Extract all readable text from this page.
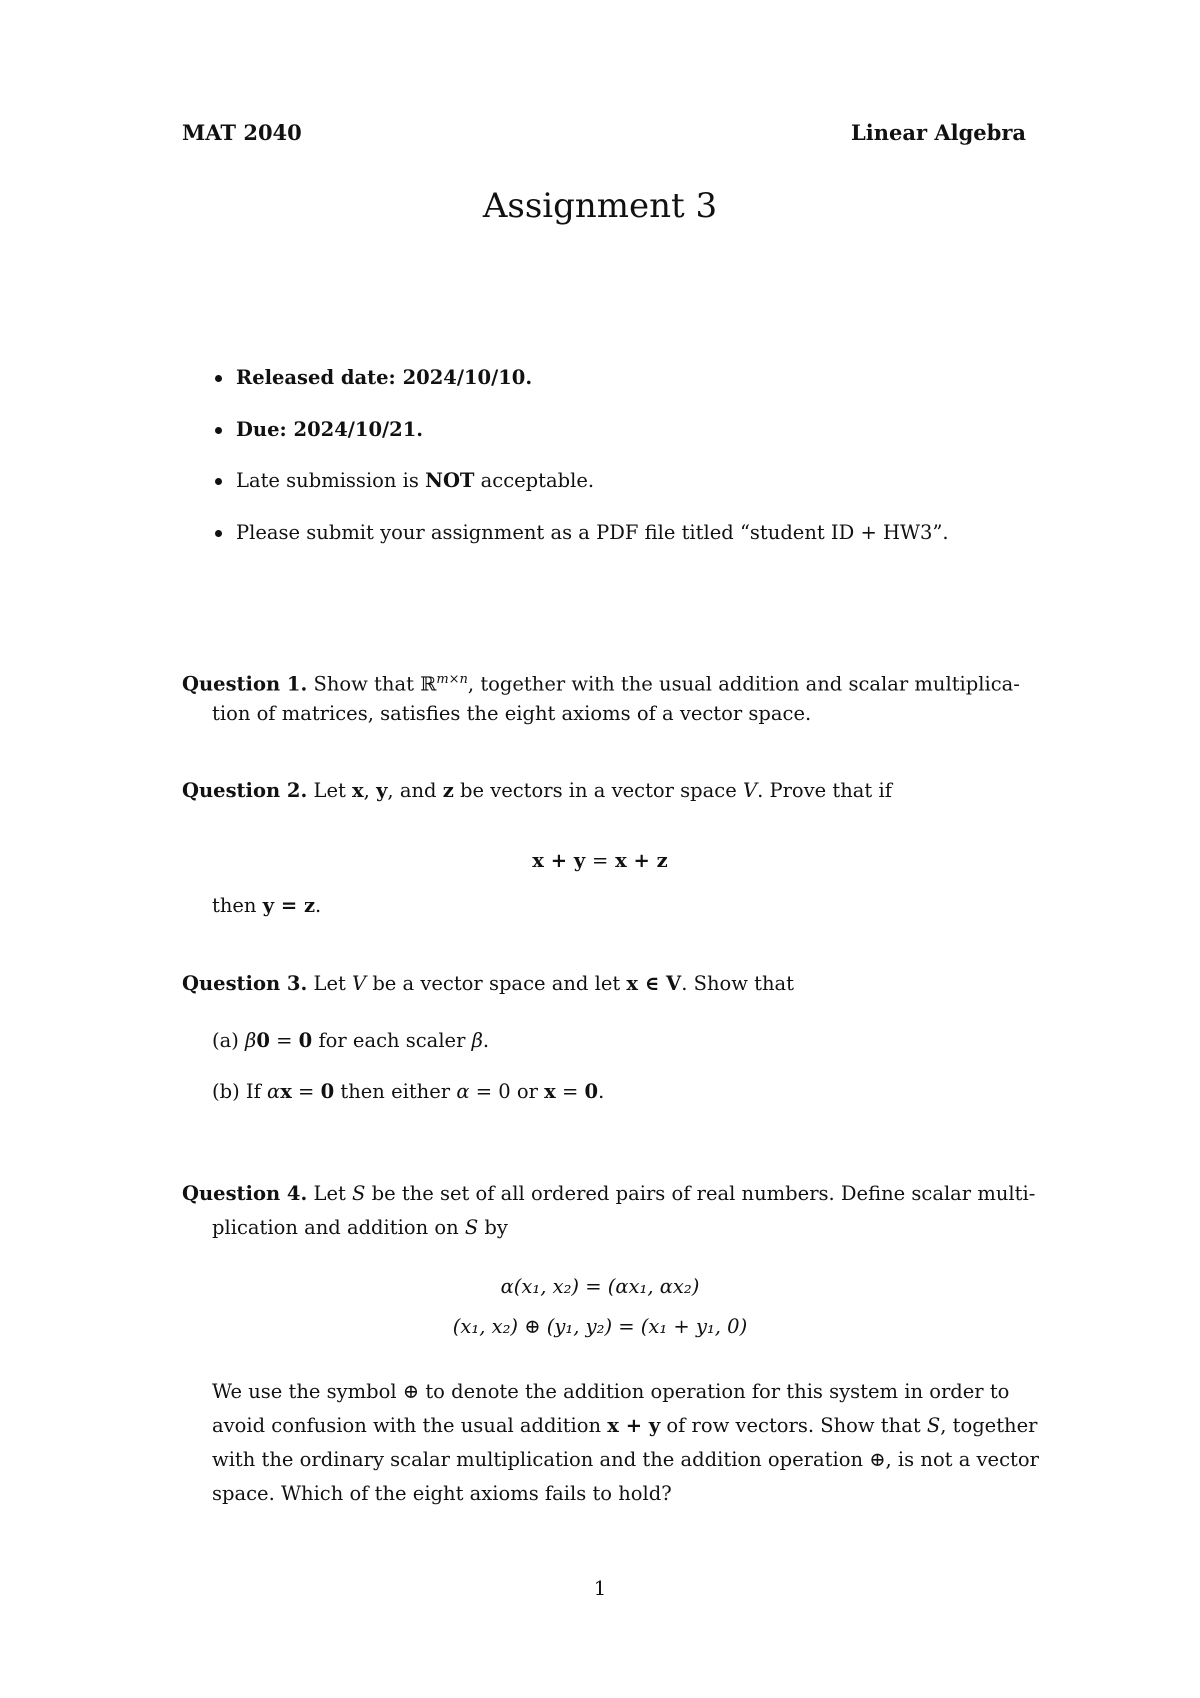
MAT 2040	Linear Algebra
Assignment 3
Released date: 2024/10/10.
Due: 2024/10/21.
Late submission is NOT acceptable.
Please submit your assignment as a PDF file titled “student ID + HW3”.
Question 1. Show that ℝ$^{m\times n}$, together with the usual addition and scalar multiplica-
tion of matrices, satisfies the eight axioms of a vector space.
Question 2. Let x, y, and z be vectors in a vector space V. Prove that if
x + y = x + z
then y = z.
Question 3. Let V be a vector space and let x ∈ V. Show that
(a) β0 = 0 for each scaler β.
(b) If αx = 0 then either α = 0 or x = 0.
Question 4. Let S be the set of all ordered pairs of real numbers. Define scalar multi-
plication and addition on S by
α(x₁, x₂) = (αx₁, αx₂)
(x₁, x₂) ⊕ (y₁, y₂) = (x₁ + y₁, 0)
We use the symbol ⊕ to denote the addition operation for this system in order to
avoid confusion with the usual addition x + y of row vectors. Show that S, together
with the ordinary scalar multiplication and the addition operation ⊕, is not a vector
space. Which of the eight axioms fails to hold?
1
